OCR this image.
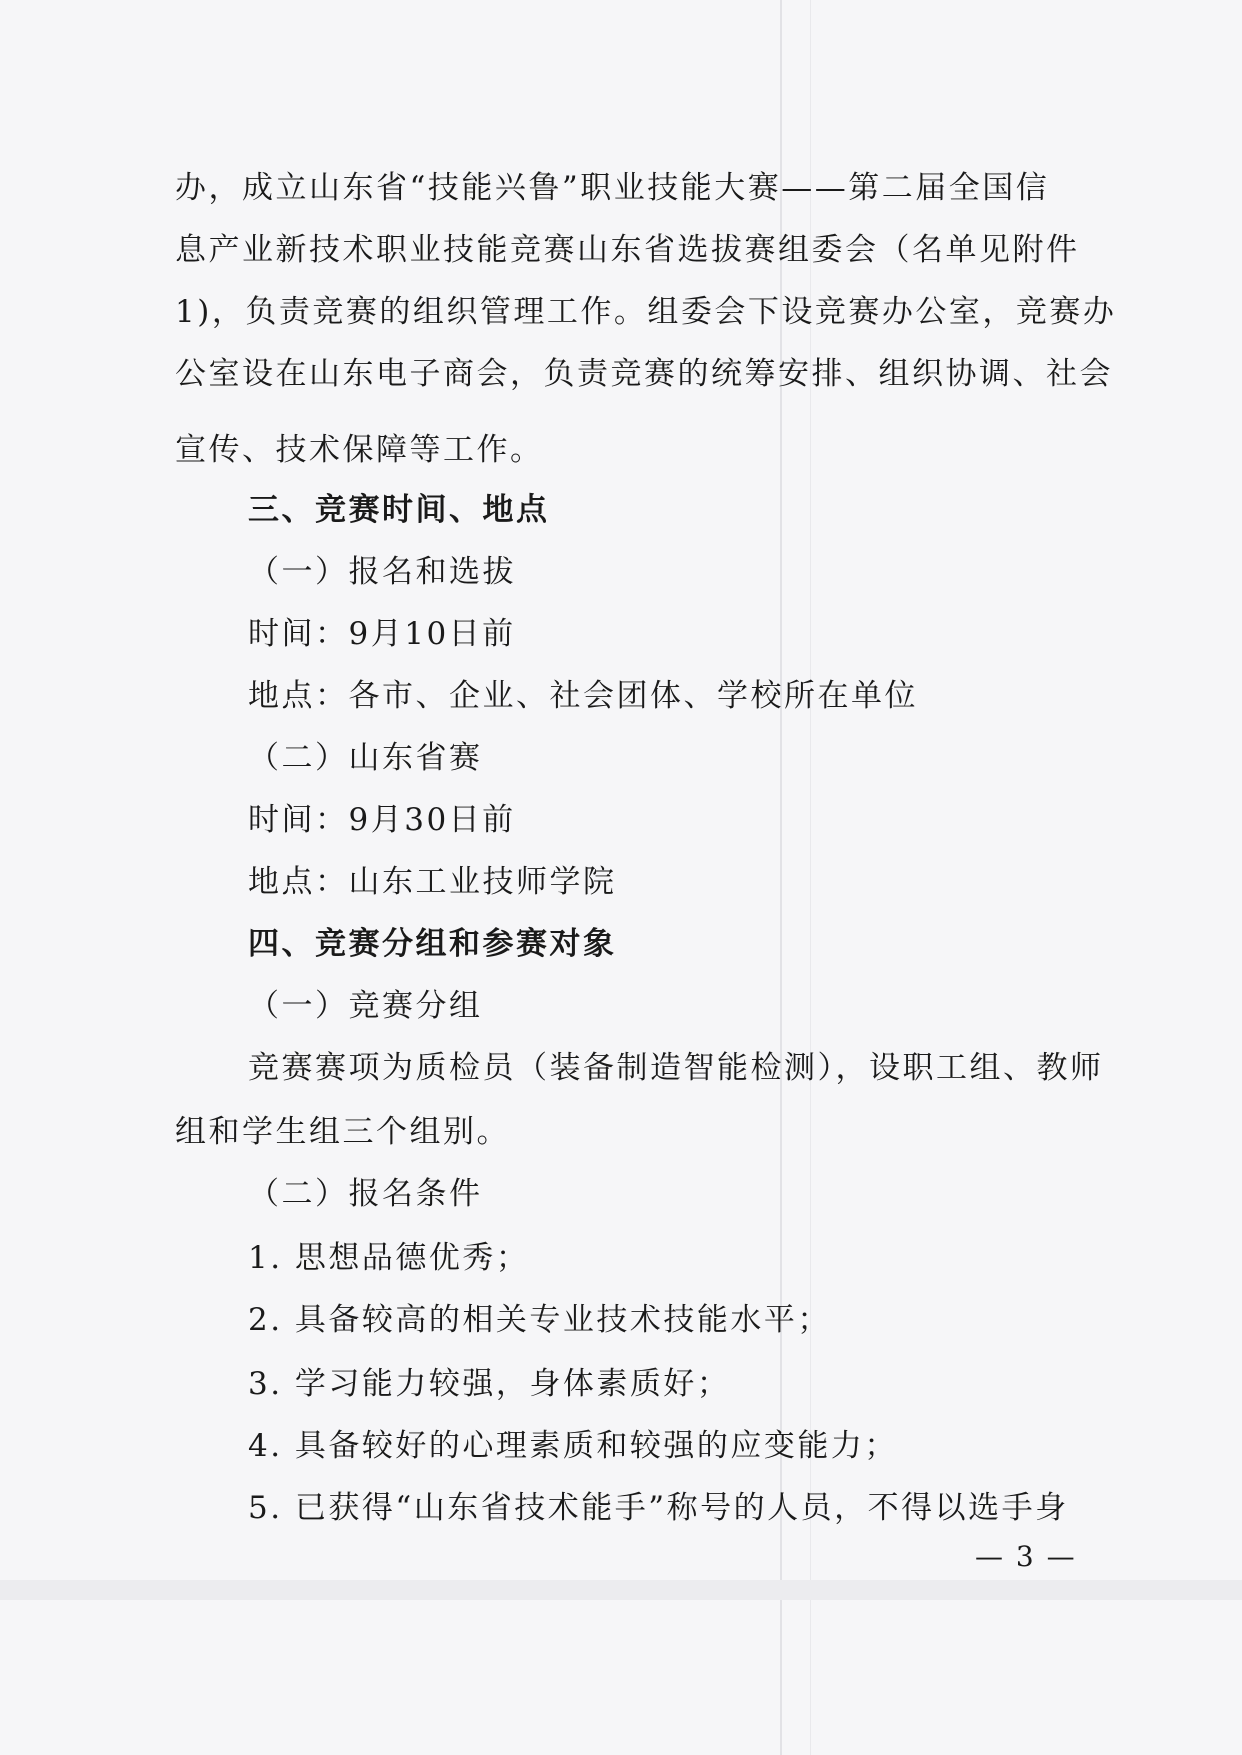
办，成立山东省“技能兴鲁”职业技能大赛——第二届全国信
息产业新技术职业技能竞赛山东省选拔赛组委会（名单见附件
1)，负责竞赛的组织管理工作。组委会下设竞赛办公室，竞赛办
公室设在山东电子商会，负责竞赛的统筹安排、组织协调、社会
宣传、技术保障等工作。
三、竞赛时间、地点
（一）报名和选拔
时间：9月10日前
地点：各市、企业、社会团体、学校所在单位
（二）山东省赛
时间：9月30日前
地点：山东工业技师学院
四、竞赛分组和参赛对象
（一）竞赛分组
竞赛赛项为质检员（装备制造智能检测），设职工组、教师
组和学生组三个组别。
（二）报名条件
1. 思想品德优秀；
2. 具备较高的相关专业技术技能水平；
3. 学习能力较强，身体素质好；
4. 具备较好的心理素质和较强的应变能力；
5. 已获得“山东省技术能手”称号的人员，不得以选手身
— 3 —
